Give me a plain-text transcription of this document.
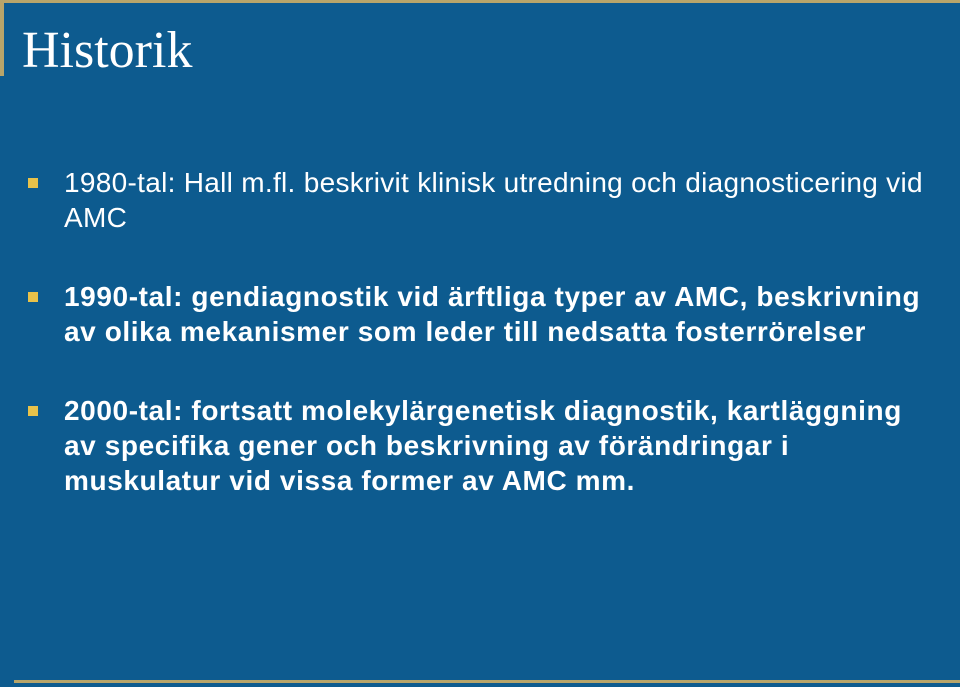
Historik
1980-tal: Hall m.fl. beskrivit klinisk utredning och diagnosticering vid AMC
1990-tal: gendiagnostik vid ärftliga typer av AMC, beskrivning av olika mekanismer som leder till nedsatta fosterrörelser
2000-tal: fortsatt molekylärgenetisk diagnostik, kartläggning av specifika gener och beskrivning av förändringar i muskulatur vid vissa former av AMC mm.
